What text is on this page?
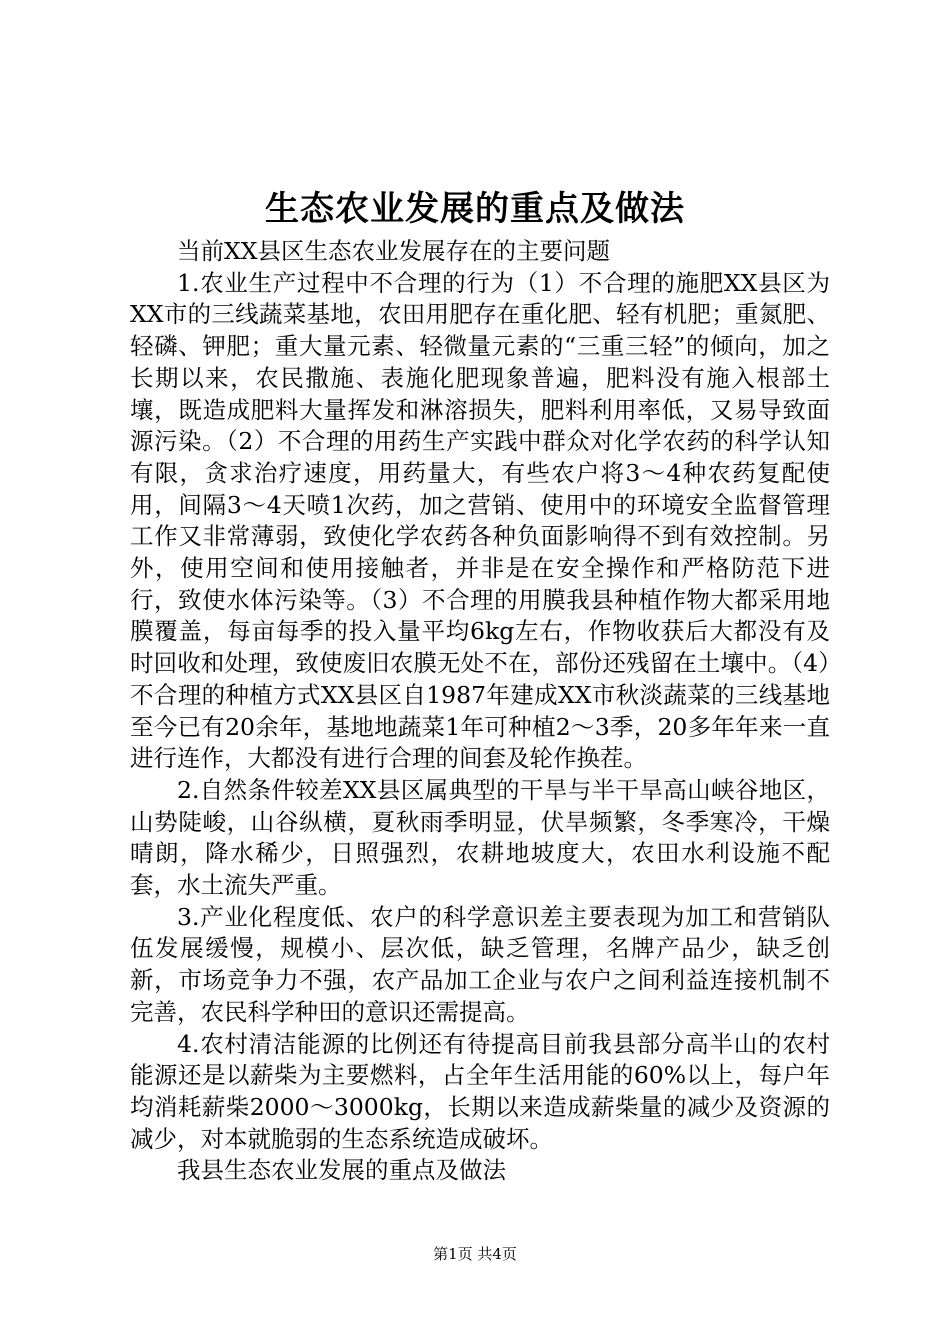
生态农业发展的重点及做法

当前XX县区生态农业发展存在的主要问题

1.农业生产过程中不合理的行为（1）不合理的施肥XX县区为XX市的三线蔬菜基地，农田用肥存在重化肥、轻有机肥；重氮肥、轻磷、钾肥；重大量元素、轻微量元素的“三重三轻”的倾向，加之长期以来，农民撒施、表施化肥现象普遍，肥料没有施入根部土壤，既造成肥料大量挥发和淋溶损失，肥料利用率低，又易导致面源污染。（2）不合理的用药生产实践中群众对化学农药的科学认知有限，贪求治疗速度，用药量大，有些农户将3～4种农药复配使用，间隔3～4天喷1次药，加之营销、使用中的环境安全监督管理工作又非常薄弱，致使化学农药各种负面影响得不到有效控制。另外，使用空间和使用接触者，并非是在安全操作和严格防范下进行，致使水体污染等。（3）不合理的用膜我县种植作物大都采用地膜覆盖，每亩每季的投入量平均6kg左右，作物收获后大都没有及时回收和处理，致使废旧农膜无处不在，部份还残留在土壤中。（4）不合理的种植方式XX县区自1987年建成XX市秋淡蔬菜的三线基地至今已有20余年，基地地蔬菜1年可种植2～3季，20多年年来一直进行连作，大都没有进行合理的间套及轮作换茬。

2.自然条件较差XX县区属典型的干旱与半干旱高山峡谷地区，山势陡峻，山谷纵横，夏秋雨季明显，伏旱频繁，冬季寒冷，干燥晴朗，降水稀少，日照强烈，农耕地坡度大，农田水利设施不配套，水土流失严重。

3.产业化程度低、农户的科学意识差主要表现为加工和营销队伍发展缓慢，规模小、层次低，缺乏管理，名牌产品少，缺乏创新，市场竞争力不强，农产品加工企业与农户之间利益连接机制不完善，农民科学种田的意识还需提高。

4.农村清洁能源的比例还有待提高目前我县部分高半山的农村能源还是以薪柴为主要燃料，占全年生活用能的60%以上，每户年均消耗薪柴2000～3000kg，长期以来造成薪柴量的减少及资源的减少，对本就脆弱的生态系统造成破坏。

我县生态农业发展的重点及做法

第1页 共4页
